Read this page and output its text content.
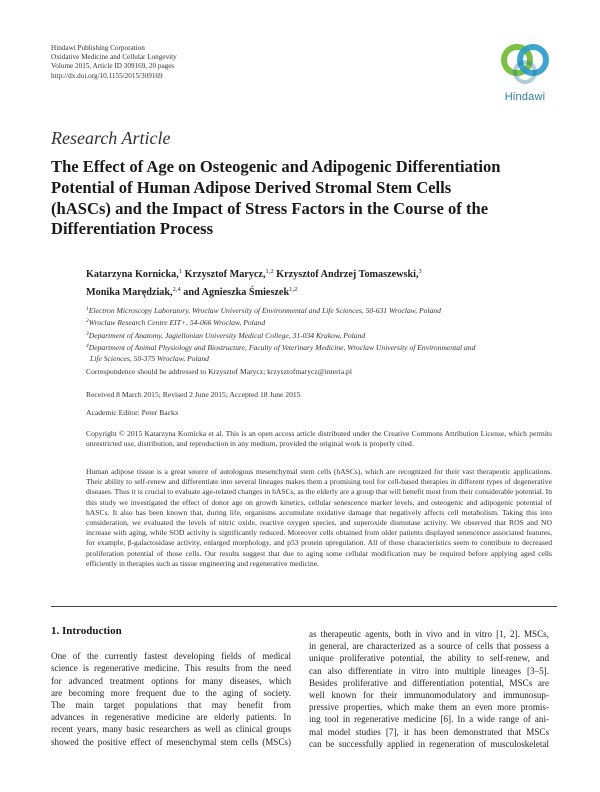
Hindawi Publishing Corporation
Oxidative Medicine and Cellular Longevity
Volume 2015, Article ID 309169, 20 pages
http://dx.doi.org/10.1155/2015/309169
Hindawi
Research Article
The Effect of Age on Osteogenic and Adipogenic Differentiation
Potential of Human Adipose Derived Stromal Stem Cells
(hASCs) and the Impact of Stress Factors in the Course of the
Differentiation Process
Katarzyna Kornicka,$^1$ Krzysztof Marycz,$^{1,2}$ Krzysztof Andrzej Tomaszewski,$^3$
Monika Marędziak,$^{2,4}$ and Agnieszka Śmieszek$^{1,2}$
$^1$Electron Microscopy Laboratory, Wroclaw University of Environmental and Life Sciences, 50-631 Wroclaw, Poland
$^2$Wroclaw Research Centre EIT+, 54-066 Wroclaw, Poland
$^3$Department of Anatomy, Jagiellonian University Medical College, 31-034 Krakow, Poland
$^4$Department of Animal Physiology and Biostructure, Faculty of Veterinary Medicine, Wroclaw University of Environmental and
Life Sciences, 50-375 Wroclaw, Poland
Correspondence should be addressed to Krzysztof Marycz; krzysztofmarycz@interia.pl
Received 8 March 2015; Revised 2 June 2015; Accepted 18 June 2015
Academic Editor: Peter Backx
Copyright © 2015 Katarzyna Kornicka et al. This is an open access article distributed under the Creative Commons Attribution License, which permits unrestricted use, distribution, and reproduction in any medium, provided the original work is properly cited.

Human adipose tissue is a great source of autologous mesenchymal stem cells (hASCs), which are recognized for their vast therapeutic applications. Their ability to self-renew and differentiate into several lineages makes them a promising tool for cell-based therapies in different types of degenerative diseases. Thus it is crucial to evaluate age-related changes in hASCs, as the elderly are a group that will benefit most from their considerable potential. In this study we investigated the effect of donor age on growth kinetics, cellular senescence marker levels, and osteogenic and adipogenic potential of hASCs. It also has been known that, during life, organisms accumulate oxidative damage that negatively affects cell metabolism. Taking this into consideration, we evaluated the levels of nitric oxide, reactive oxygen species, and superoxide dismutase activity. We observed that ROS and NO increase with aging, while SOD activity is significantly reduced. Moreover cells obtained from older patients displayed senescence associated features, for example, β-galactosidase activity, enlarged morphology, and p53 protein upregulation. All of those characteristics seem to contribute to decreased proliferation potential of those cells. Our results suggest that due to aging some cellular modification may be required before applying aged cells efficiently in therapies such as tissue engineering and regenerative medicine.

1. Introduction
One of the currently fastest developing fields of medical
science is regenerative medicine. This results from the need
for advanced treatment options for many diseases, which
are becoming more frequent due to the aging of society.
The main target populations that may benefit from
advances in regenerative medicine are elderly patients. In
recent years, many basic researchers as well as clinical groups
showed the positive effect of mesenchymal stem cells (MSCs)
as therapeutic agents, both in vivo and in vitro [1, 2]. MSCs,
in general, are characterized as a source of cells that possess a
unique proliferative potential, the ability to self-renew, and
can also differentiate in vitro into multiple lineages [3–5].
Besides proliferative and differentiation potential, MSCs are
well known for their immunomodulatory and immunosup-
pressive properties, which make them an even more promis-
ing tool in regenerative medicine [6]. In a wide range of ani-
mal model studies [7], it has been demonstrated that MSCs
can be successfully applied in regeneration of musculoskeletal
